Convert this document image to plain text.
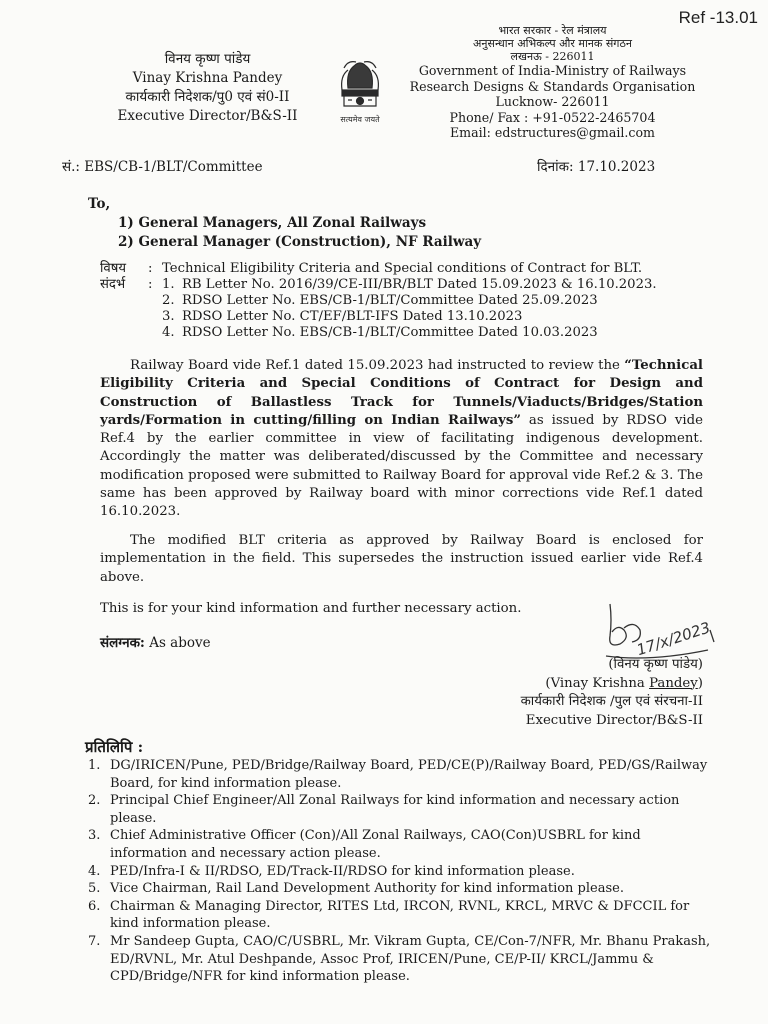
Ref -13.01
विनय कृष्ण पांडेय
Vinay Krishna Pandey
कार्यकारी निदेशक/पु0 एवं सं0-II
Executive Director/B&S-II	सत्यमेव जयते
भारत सरकार - रेल मंत्रालय
अनुसन्धान अभिकल्प और मानक संगठन
लखनऊ - 226011
Government of India-Ministry of Railways
Research Designs & Standards Organisation
Lucknow- 226011
Phone/ Fax : +91-0522-2465704
Email: edstructures@gmail.com
सं.: EBS/CB-1/BLT/Committee	दिनांक: 17.10.2023
To,
1) General Managers, All Zonal Railways
2) General Manager (Construction), NF Railway
विषय : Technical Eligibility Criteria and Special conditions of Contract for BLT.
संदर्भ : 1. RB Letter No. 2016/39/CE-III/BR/BLT Dated 15.09.2023 & 16.10.2023.
2. RDSO Letter No. EBS/CB-1/BLT/Committee Dated 25.09.2023
3. RDSO Letter No. CT/EF/BLT-IFS Dated 13.10.2023
4. RDSO Letter No. EBS/CB-1/BLT/Committee Dated 10.03.2023
Railway Board vide Ref.1 dated 15.09.2023 had instructed to review the “Technical Eligibility Criteria and Special Conditions of Contract for Design and Construction of Ballastless Track for Tunnels/Viaducts/Bridges/Station yards/Formation in cutting/filling on Indian Railways” as issued by RDSO vide Ref.4 by the earlier committee in view of facilitating indigenous development. Accordingly the matter was deliberated/discussed by the Committee and necessary modification proposed were submitted to Railway Board for approval vide Ref.2 & 3. The same has been approved by Railway board with minor corrections vide Ref.1 dated 16.10.2023.
The modified BLT criteria as approved by Railway Board is enclosed for implementation in the field. This supersedes the instruction issued earlier vide Ref.4 above.
This is for your kind information and further necessary action.
संलग्नक: As above	17/x/2023
(विनय कृष्ण पांडेय)
(Vinay Krishna Pandey)
कार्यकारी निदेशक /पुल एवं संरचना-II
Executive Director/B&S-II
प्रतिलिपि :
1. DG/IRICEN/Pune, PED/Bridge/Railway Board, PED/CE(P)/Railway Board, PED/GS/Railway Board, for kind information please.
2. Principal Chief Engineer/All Zonal Railways for kind information and necessary action please.
3. Chief Administrative Officer (Con)/All Zonal Railways, CAO(Con)USBRL for kind information and necessary action please.
4. PED/Infra-I & II/RDSO, ED/Track-II/RDSO for kind information please.
5. Vice Chairman, Rail Land Development Authority for kind information please.
6. Chairman & Managing Director, RITES Ltd, IRCON, RVNL, KRCL, MRVC & DFCCIL for kind information please.
7. Mr Sandeep Gupta, CAO/C/USBRL, Mr. Vikram Gupta, CE/Con-7/NFR, Mr. Bhanu Prakash, ED/RVNL, Mr. Atul Deshpande, Assoc Prof, IRICEN/Pune, CE/P-II/ KRCL/Jammu & CPD/Bridge/NFR for kind information please.
